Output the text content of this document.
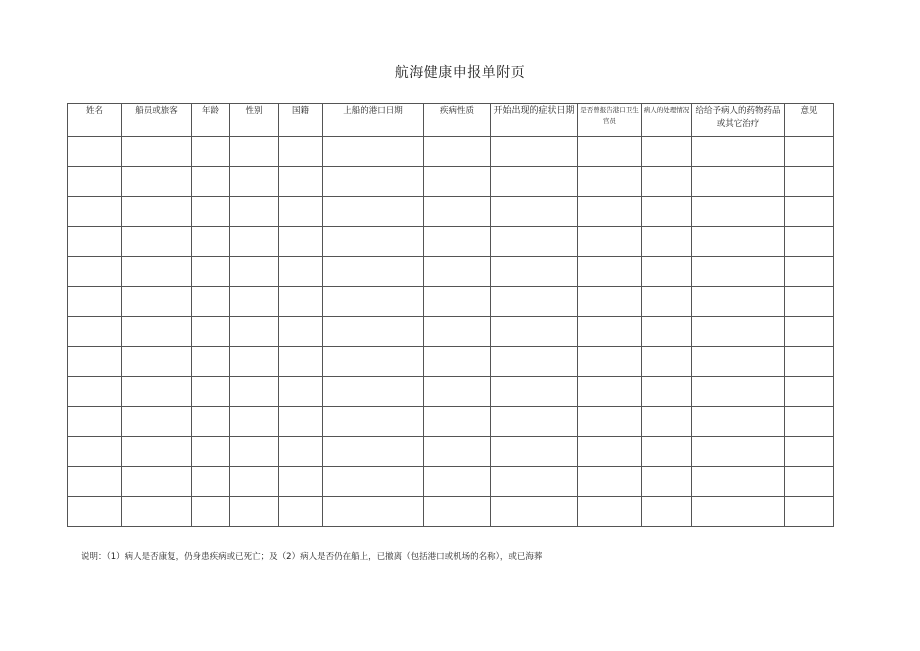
航海健康申报单附页
姓名	船员或旅客	年龄	性别	国籍	上船的港口日期	疾病性质	开始出现的症状日期	是否曾报告港口卫生官员	病人的处理情况	给给予病人的药物药品或其它治疗	意见

说明：（1）病人是否康复，仍身患疾病或已死亡；及（2）病人是否仍在船上，已撤离（包括港口或机场的名称），或已海葬
